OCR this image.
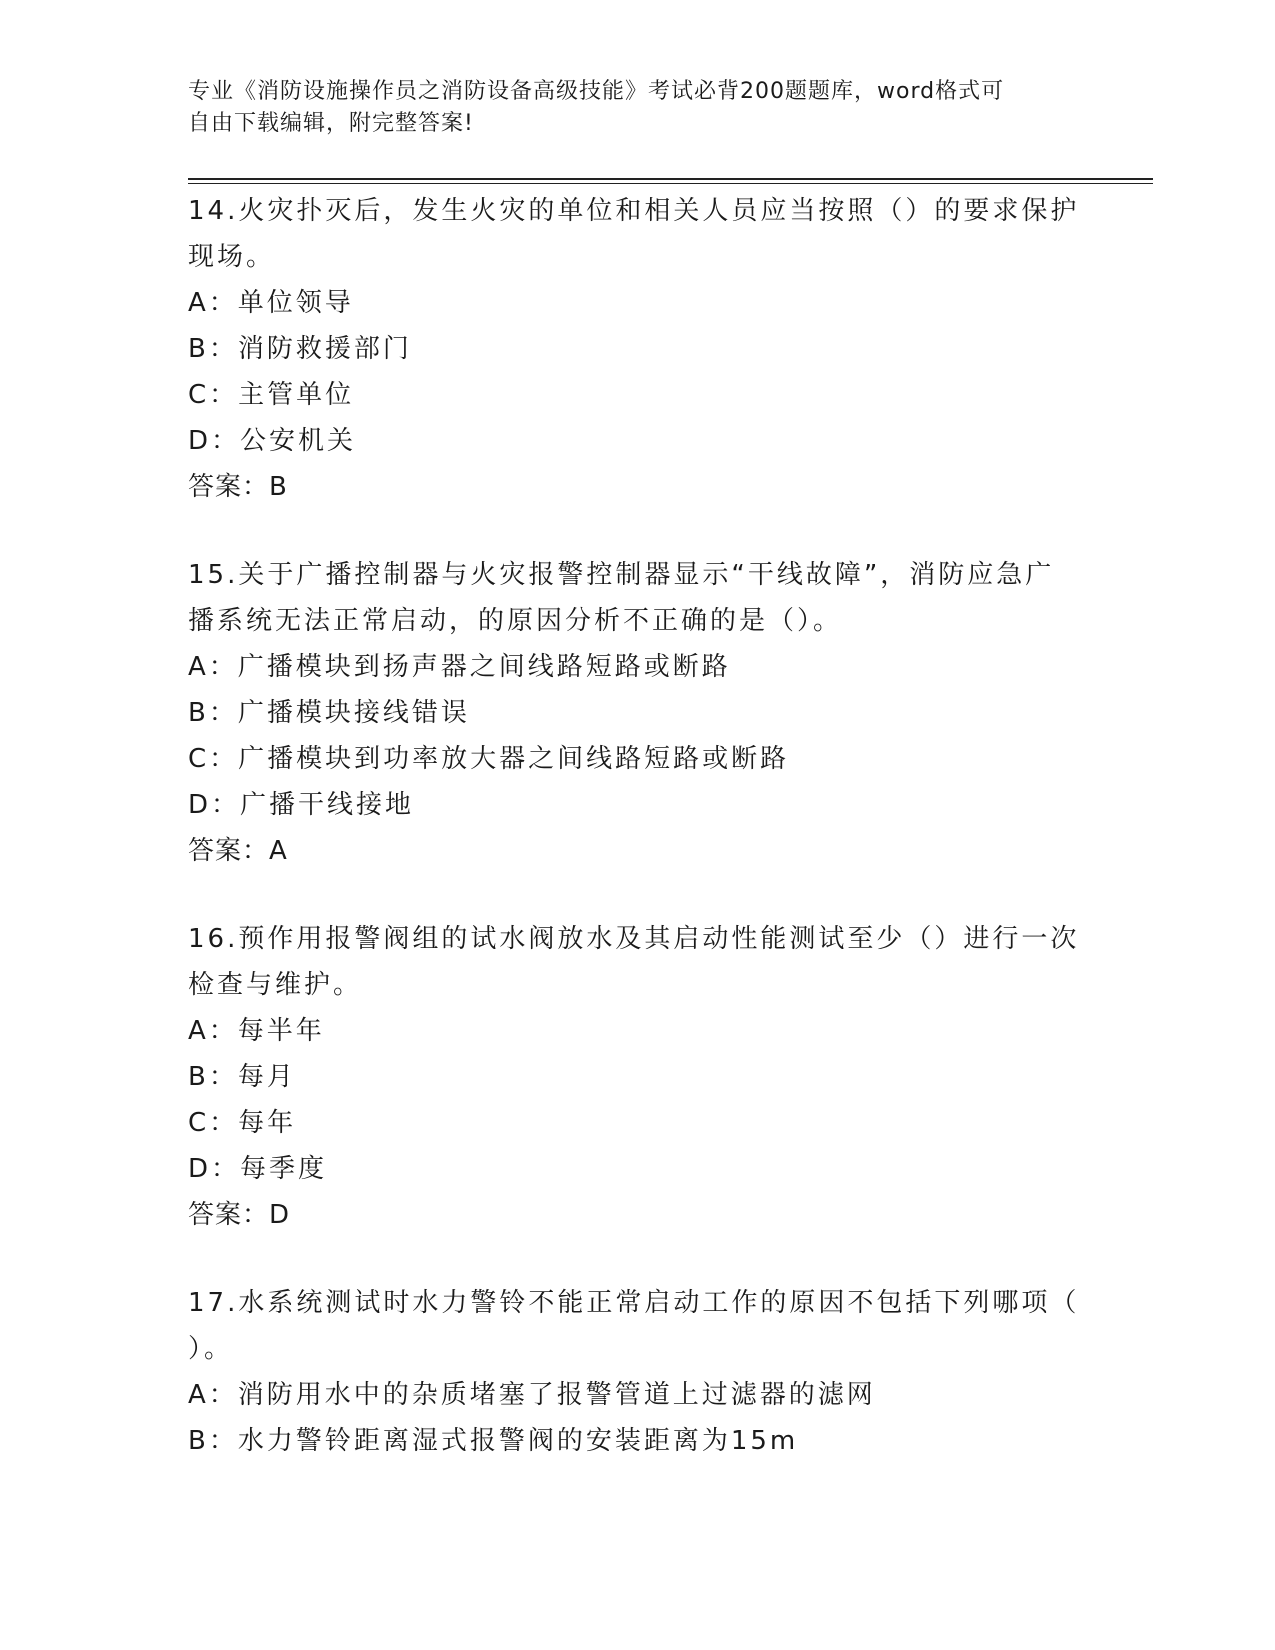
专业《消防设施操作员之消防设备高级技能》考试必背200题题库，word格式可
自由下载编辑，附完整答案!
14.火灾扑灭后，发生火灾的单位和相关人员应当按照（）的要求保护
现场。
A：单位领导
B：消防救援部门
C：主管单位
D：公安机关
答案：B
15.关于广播控制器与火灾报警控制器显示“干线故障”，消防应急广
播系统无法正常启动，的原因分析不正确的是（）。
A：广播模块到扬声器之间线路短路或断路
B：广播模块接线错误
C：广播模块到功率放大器之间线路短路或断路
D：广播干线接地
答案：A
16.预作用报警阀组的试水阀放水及其启动性能测试至少（）进行一次
检查与维护。
A：每半年
B：每月
C：每年
D：每季度
答案：D
17.水系统测试时水力警铃不能正常启动工作的原因不包括下列哪项（
）。
A：消防用水中的杂质堵塞了报警管道上过滤器的滤网
B：水力警铃距离湿式报警阀的安装距离为15m
